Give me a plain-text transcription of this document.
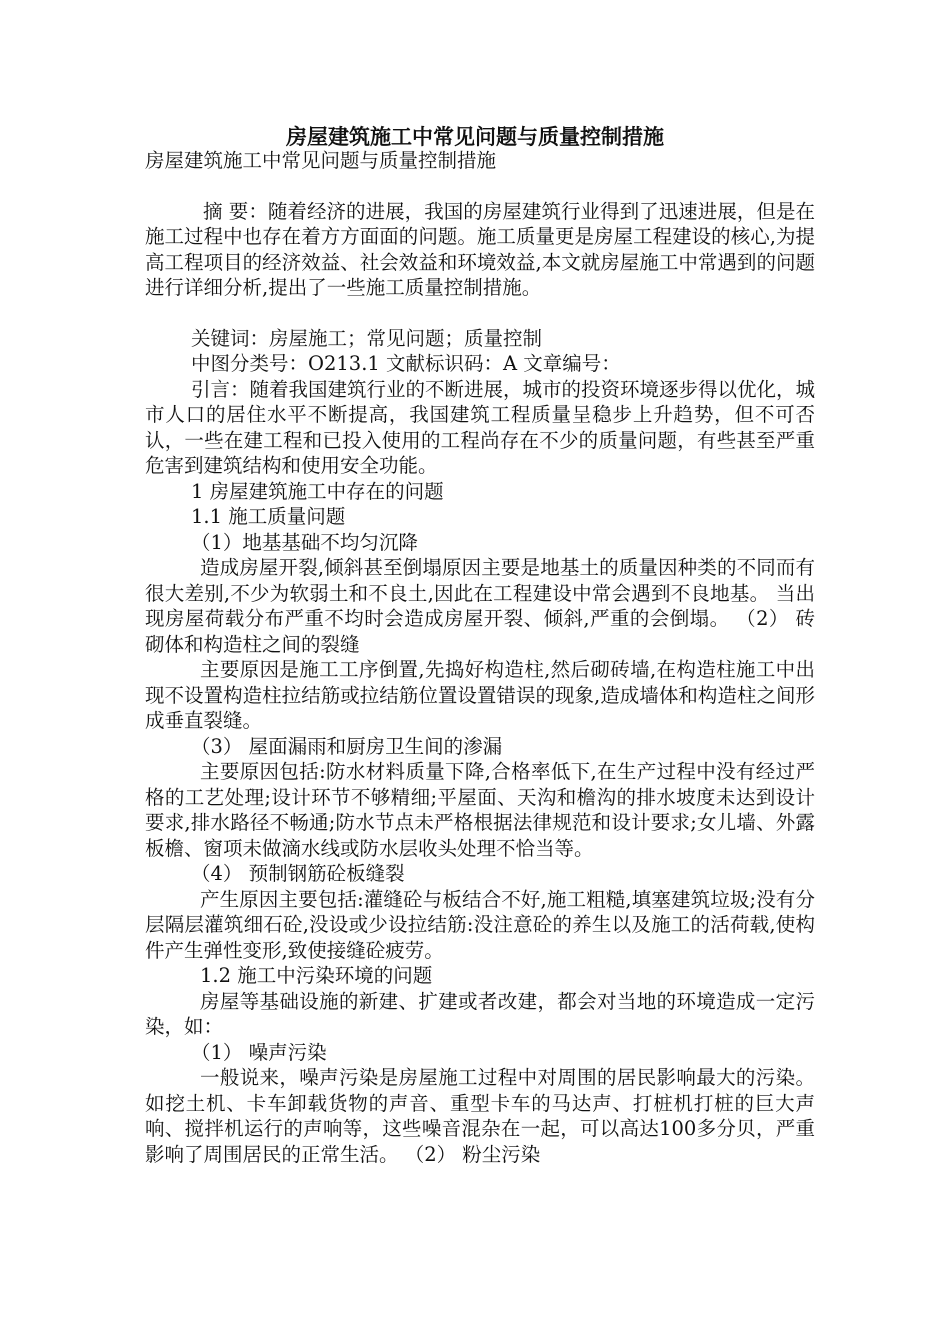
房屋建筑施工中常见问题与质量控制措施

房屋建筑施工中常见问题与质量控制措施

摘 要：随着经济的进展，我国的房屋建筑行业得到了迅速进展，但是在施工过程中也存在着方方面面的问题。施工质量更是房屋工程建设的核心,为提高工程项目的经济效益、社会效益和环境效益,本文就房屋施工中常遇到的问题进行详细分析,提出了一些施工质量控制措施。

关键词：房屋施工；常见问题；质量控制

中图分类号：O213.1 文献标识码：A 文章编号：

引言：随着我国建筑行业的不断进展，城市的投资环境逐步得以优化，城市人口的居住水平不断提高，我国建筑工程质量呈稳步上升趋势，但不可否认，一些在建工程和已投入使用的工程尚存在不少的质量问题，有些甚至严重危害到建筑结构和使用安全功能。

1 房屋建筑施工中存在的问题

1.1 施工质量问题

（1）地基基础不均匀沉降

造成房屋开裂,倾斜甚至倒塌原因主要是地基土的质量因种类的不同而有很大差别,不少为软弱土和不良土,因此在工程建设中常会遇到不良地基。 当出现房屋荷载分布严重不均时会造成房屋开裂、倾斜,严重的会倒塌。 （2） 砖砌体和构造柱之间的裂缝

主要原因是施工工序倒置,先捣好构造柱,然后砌砖墙,在构造柱施工中出现不设置构造柱拉结筋或拉结筋位置设置错误的现象,造成墙体和构造柱之间形成垂直裂缝。

（3） 屋面漏雨和厨房卫生间的渗漏

主要原因包括:防水材料质量下降,合格率低下,在生产过程中没有经过严格的工艺处理;设计环节不够精细;平屋面、天沟和檐沟的排水坡度未达到设计要求,排水路径不畅通;防水节点未严格根据法律规范和设计要求;女儿墙、外露板檐、窗项未做滴水线或防水层收头处理不恰当等。

（4） 预制钢筋砼板缝裂

产生原因主要包括:灌缝砼与板结合不好,施工粗糙,填塞建筑垃圾;没有分层隔层灌筑细石砼,没设或少设拉结筋:没注意砼的养生以及施工的活荷载,使构件产生弹性变形,致使接缝砼疲劳。

1.2 施工中污染环境的问题

房屋等基础设施的新建、扩建或者改建，都会对当地的环境造成一定污染，如：

（1） 噪声污染

一般说来，噪声污染是房屋施工过程中对周围的居民影响最大的污染。如挖土机、卡车卸载货物的声音、重型卡车的马达声、打桩机打桩的巨大声响、搅拌机运行的声响等，这些噪音混杂在一起，可以高达100多分贝，严重影响了周围居民的正常生活。 （2） 粉尘污染
